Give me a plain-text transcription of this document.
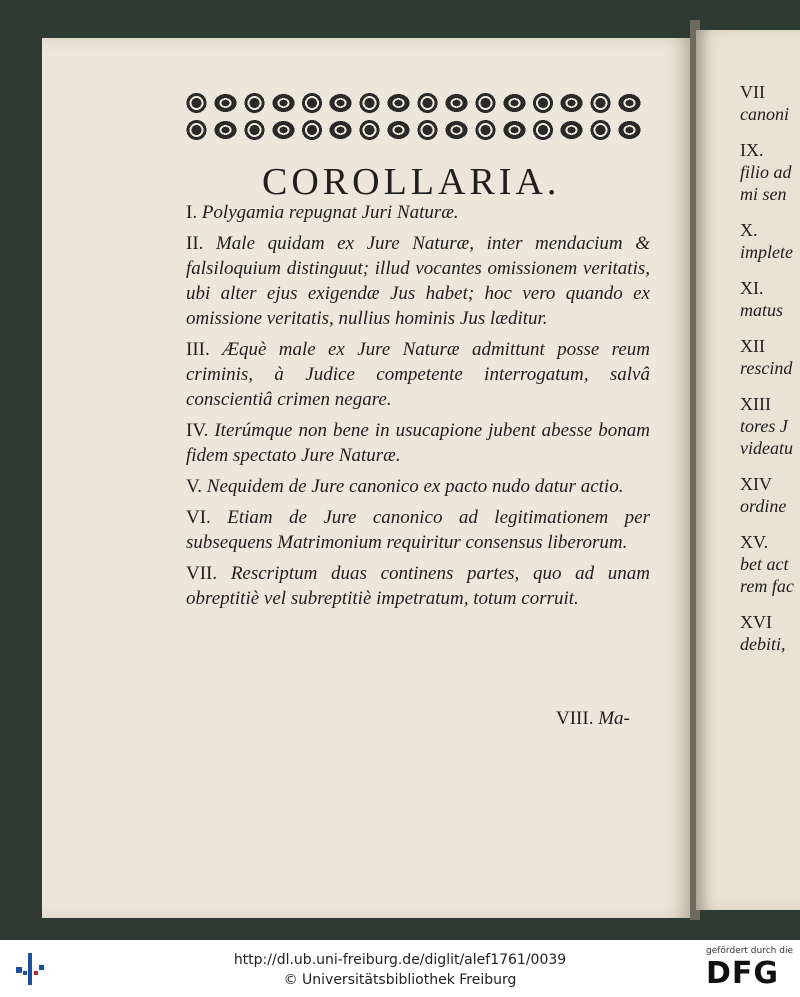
COROLLARIA.

I. Polygamia repugnat Juri Naturæ.

II. Male quidam ex Jure Naturæ, inter mendacium & falsiloquium distinguut; illud vocantes omissionem veritatis, ubi alter ejus exigendæ Jus habet; hoc vero quando ex omissione veritatis, nullius hominis Jus læditur.

III. Æquè male ex Jure Naturæ admittunt posse reum criminis, à Judice competente interrogatum, salvâ conscientiâ crimen negare.

IV. Iterúmque non bene in usucapione jubent abesse bonam fidem spectato Jure Naturæ.

V. Nequidem de Jure canonico ex pacto nudo datur actio.

VI. Etiam de Jure canonico ad legitimationem per subsequens Matrimonium requiritur consensus liberorum.

VII. Rescriptum duas continens partes, quo ad unam obreptitiè vel subreptitiè impetratum, totum corruit.

VIII. Ma-
VII
canoni
IX.
filio ad
mi sen
X.
implete
XI.
matus
XII
rescind
XIII
tores J
videatu
XIV
ordine
XV.
bet act
rem fac
XVI
debiti,
http://dl.ub.uni-freiburg.de/diglit/alef1761/0039
© Universitätsbibliothek Freiburg
gefördert durch die
DFG
